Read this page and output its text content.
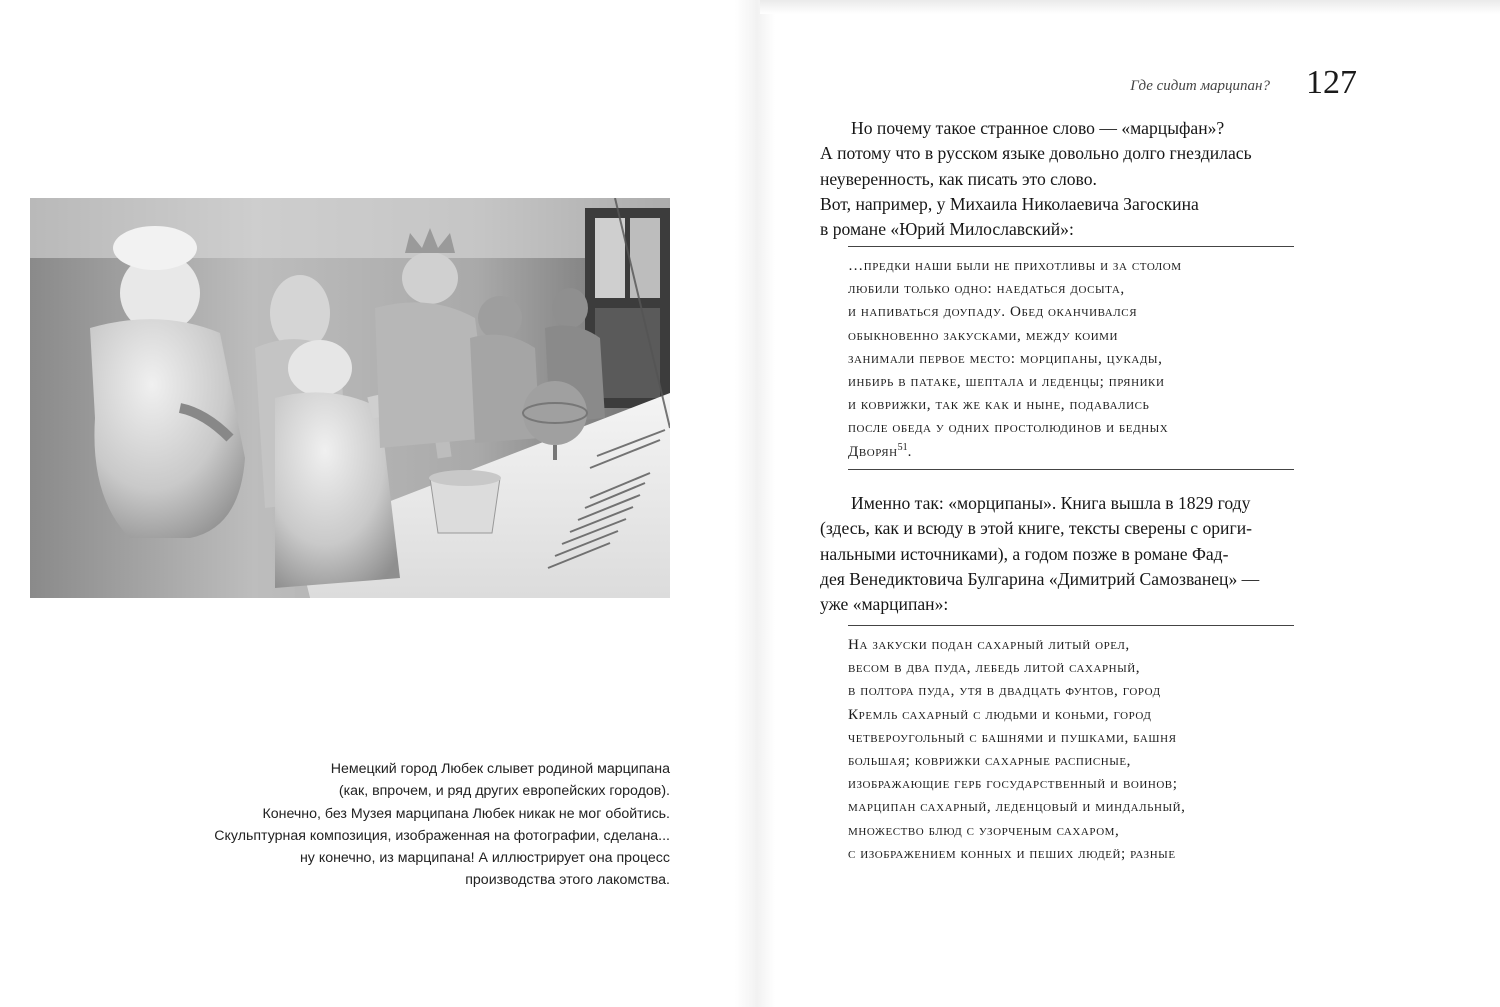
Немецкий город Любек слывет родиной марципана
(как, впрочем, и ряд других европейских городов).
Конечно, без Музея марципана Любек никак не мог обойтись.
Скульптурная композиция, изображенная на фотографии, сделана...
ну конечно, из марципана! А иллюстрирует она процесс
производства этого лакомства.
Где сидит марципан? 127
Но почему такое странное слово — «марцыфан»?
А потому что в русском языке довольно долго гнездилась
неуверенность, как писать это слово.
Вот, например, у Михаила Николаевича Загоскина
в романе «Юрий Милославский»:
…предки наши были не прихотливы и за столом
любили только одно: наедаться досыта,
и напиваться доупаду. Обед оканчивался
обыкновенно закусками, между коими
занимали первое место: морципаны, цукады,
инбирь в патаке, шептала и леденцы; пряники
и коврижки, так же как и ныне, подавались
после обеда у одних простолюдинов и бедных
Дворян$^{51}$.
Именно так: «морципаны». Книга вышла в 1829 году
(здесь, как и всюду в этой книге, тексты сверены с ориги-
нальными источниками), а годом позже в романе Фад-
дея Венедиктовича Булгарина «Димитрий Самозванец» —
уже «марципан»:
На закуски подан сахарный литый орел,
весом в два пуда, лебедь литой сахарный,
в полтора пуда, утя в двадцать фунтов, город
Кремль сахарный с людьми и коньми, город
четвероугольный с башнями и пушками, башня
большая; коврижки сахарные расписные,
изображающие герб государственный и воинов;
марципан сахарный, леденцовый и миндальный,
множество блюд с узорченым сахаром,
с изображением конных и пеших людей; разные
